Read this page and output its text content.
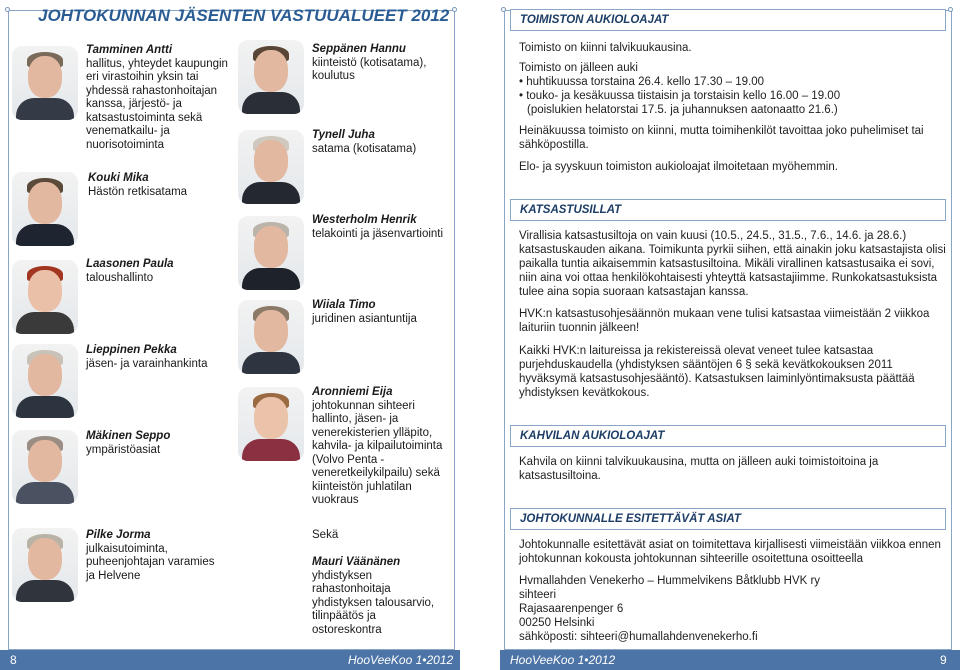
JOHTOKUNNAN JÄSENTEN VASTUUALUEET 2012
Tamminen Antti
hallitus, yhteydet kaupungin eri virastoihin yksin tai yhdessä rahastonhoitajan kanssa, järjestö- ja katsastustoiminta sekä venematkailu- ja nuorisotoiminta
Kouki Mika
Hästön retkisatama
Laasonen Paula
taloushallinto
Lieppinen Pekka
jäsen- ja varainhankinta
Mäkinen Seppo
ympäristöasiat
Pilke Jorma
julkaisutoiminta, puheenjohtajan varamies ja Helvene
Seppänen Hannu
kiinteistö (kotisatama), koulutus
Tynell Juha
satama (kotisatama)
Westerholm Henrik
telakointi ja jäsenvartiointi
Wiiala Timo
juridinen asiantuntija
Aronniemi Eija
johtokunnan sihteeri hallinto, jäsen- ja venerekisterien ylläpito, kahvila- ja kilpailutoiminta (Volvo Penta -veneretkeilykilpailu) sekä kiinteistön juhlatilan vuokraus
Sekä
Mauri Väänänen
yhdistyksen rahastonhoitaja yhdistyksen talousarvio, tilinpäätös ja ostoreskontra
8	HooVeeKoo 1•2012
TOIMISTON AUKIOLOAJAT
Toimisto on kiinni talvikuukausina.
Toimisto on jälleen auki
• huhtikuussa torstaina 26.4. kello 17.30 – 19.00
• touko- ja kesäkuussa tiistaisin ja torstaisin kello 16.00 – 19.00
(poislukien helatorstai 17.5. ja juhannuksen aatonaatto 21.6.)
Heinäkuussa toimisto on kiinni, mutta toimihenkilöt tavoittaa joko puhelimiset tai sähköpostilla.
Elo- ja syyskuun toimiston aukioloajat ilmoitetaan myöhemmin.
KATSASTUSILLAT
Virallisia katsastusiltoja on vain kuusi (10.5., 24.5., 31.5., 7.6., 14.6. ja 28.6.) katsastuskauden aikana. Toimikunta pyrkii siihen, että ainakin joku katsastajista olisi paikalla tuntia aikaisemmin katsastusiltoina. Mikäli virallinen katsastusaika ei sovi, niin aina voi ottaa henkilökohtaisesti yhteyttä katsastajiimme. Runkokatsastuksista tulee aina sopia suoraan katsastajan kanssa.
HVK:n katsastusohjesäännön mukaan vene tulisi katsastaa viimeistään 2 viikkoa laituriin tuonnin jälkeen!
Kaikki HVK:n laitureissa ja rekistereissä olevat veneet tulee katsastaa purjehduskaudella (yhdistyksen sääntöjen 6 § sekä kevätkokouksen 2011 hyväksymä katsastusohjesääntö). Katsastuksen laiminlyöntimaksusta päättää yhdistyksen kevätkokous.
KAHVILAN AUKIOLOAJAT
Kahvila on kiinni talvikuukausina, mutta on jälleen auki toimistoitoina ja katsastusiltoina.
JOHTOKUNNALLE ESITETTÄVÄT ASIAT
Johtokunnalle esitettävät asiat on toimitettava kirjallisesti viimeistään viikkoa ennen johtokunnan kokousta johtokunnan sihteerille osoitettuna osoitteella
Hvmallahden Venekerho – Hummelvikens Båtklubb HVK ry
sihteeri
Rajasaarenpenger 6
00250 Helsinki
sähköposti: sihteeri@humallahdenvenekerho.fi
HooVeeKoo 1•2012	9
